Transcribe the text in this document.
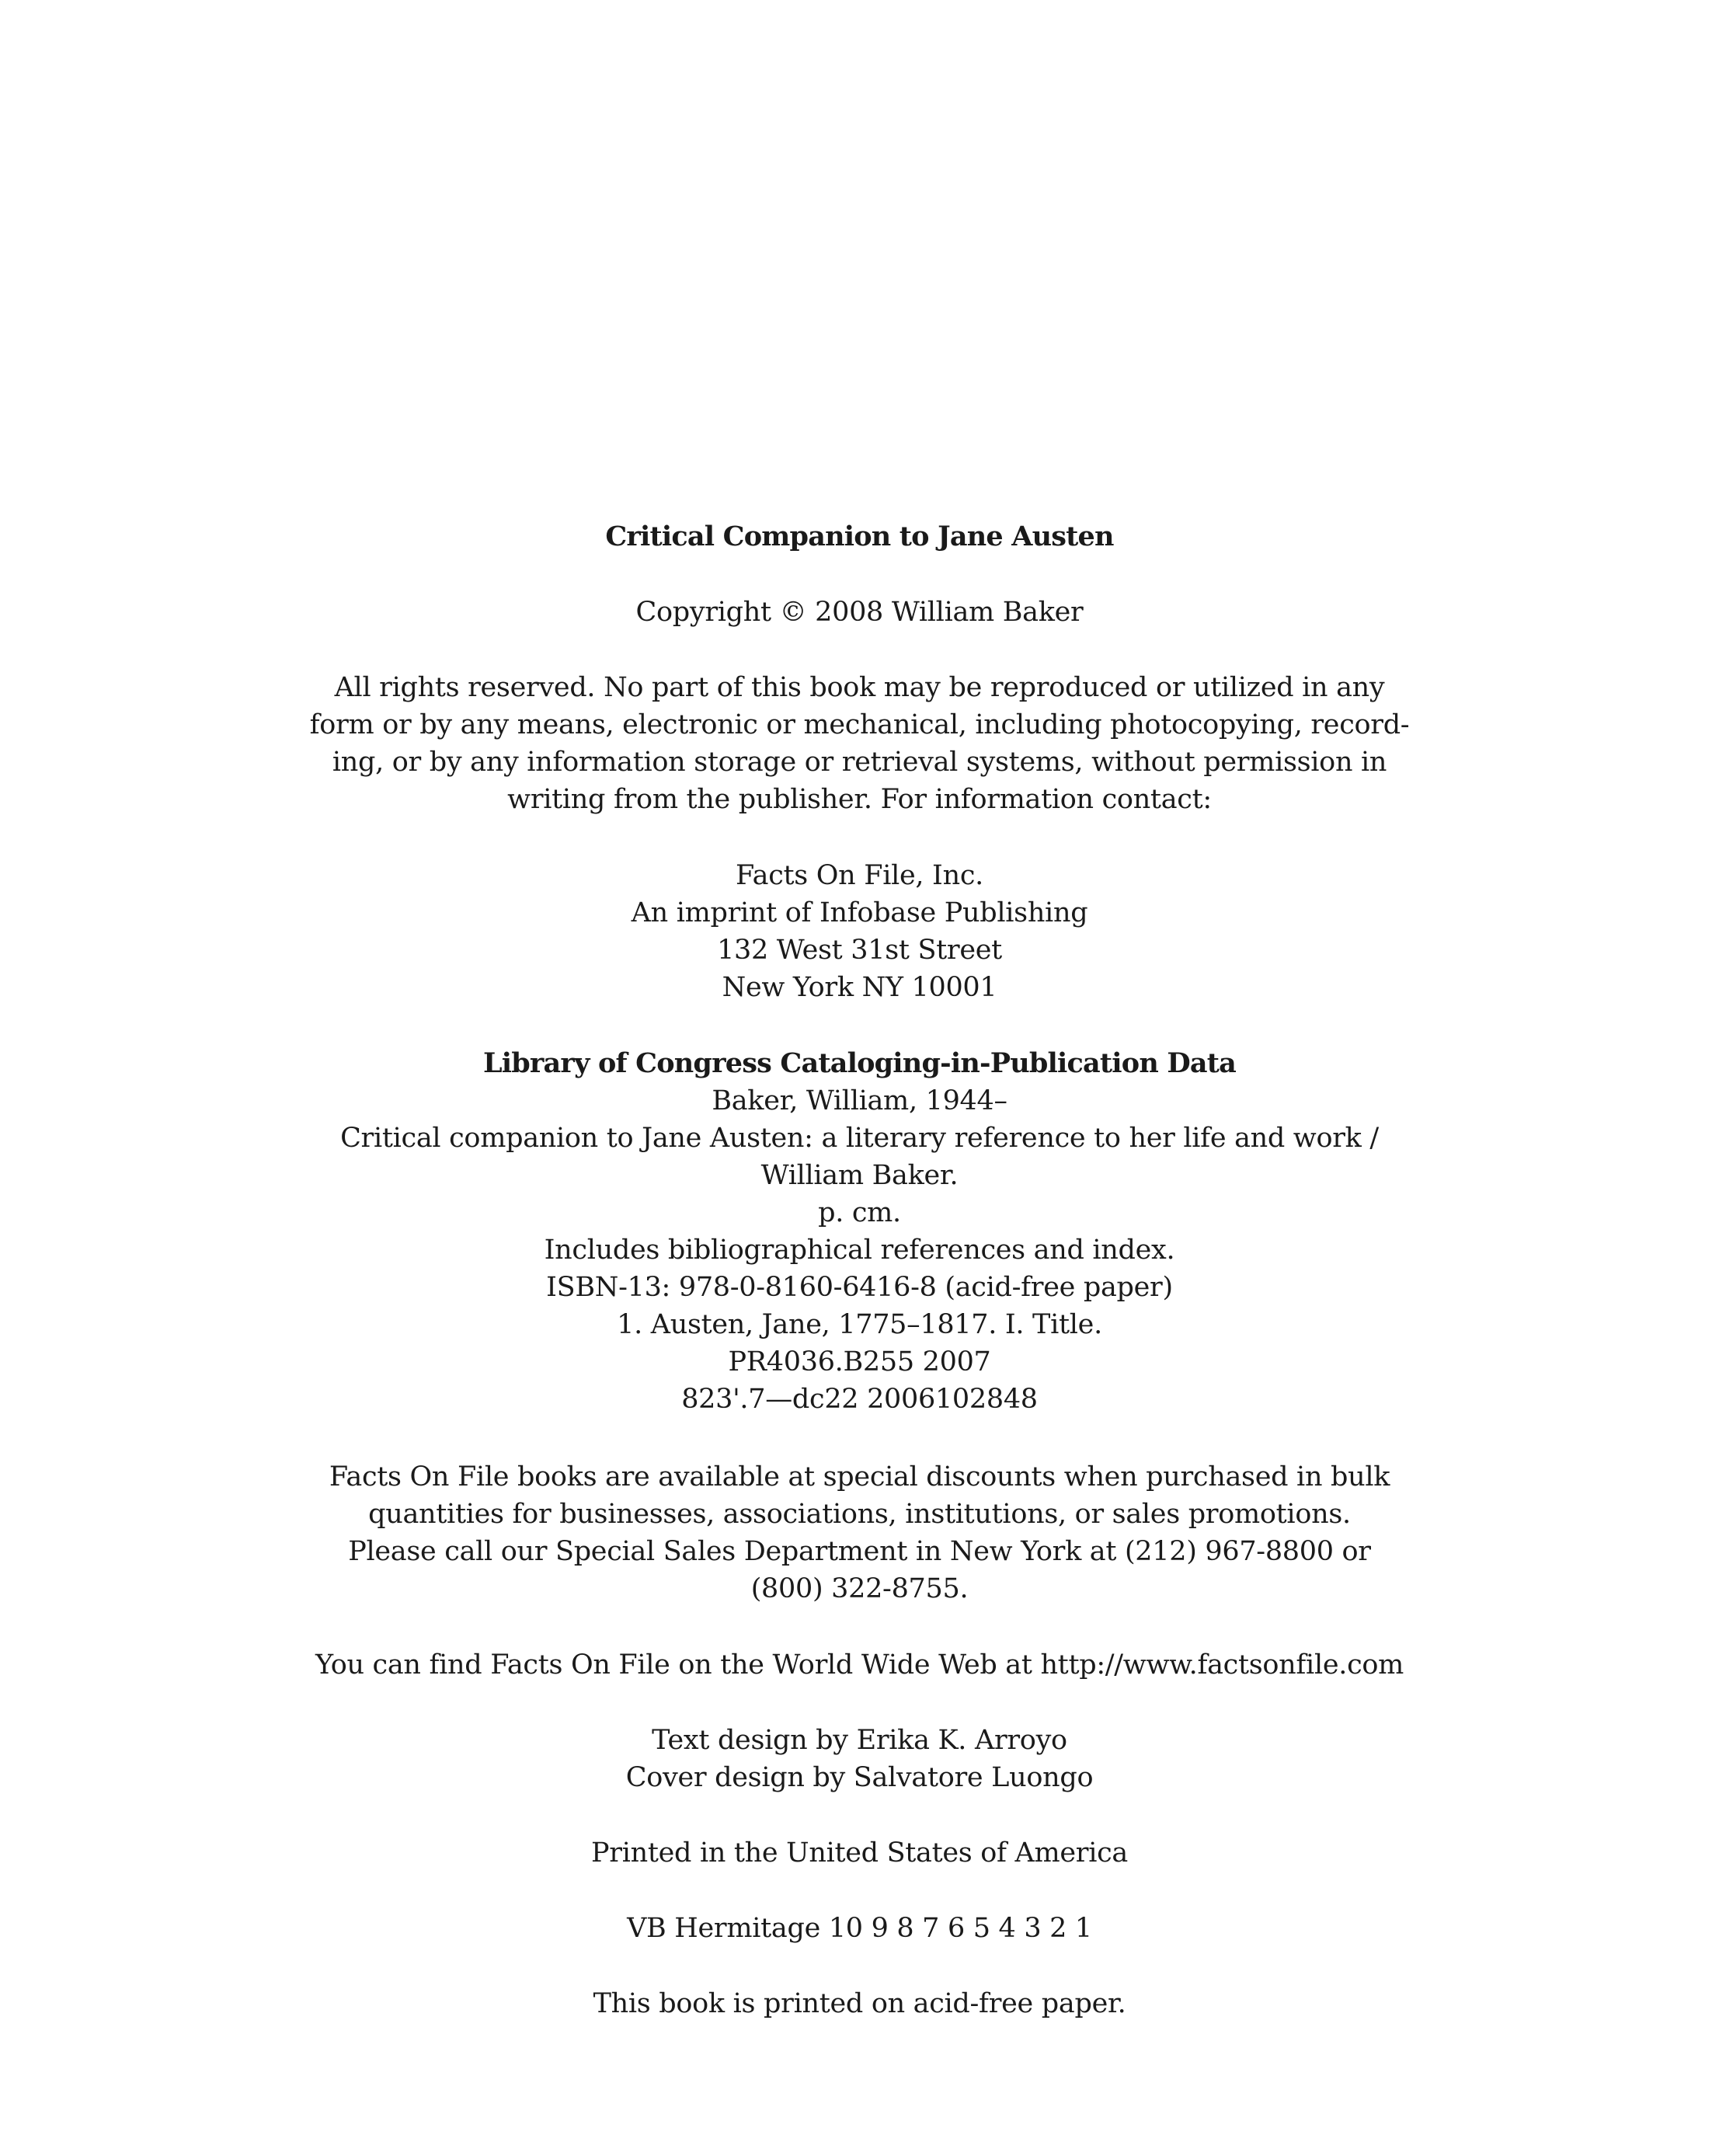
Critical Companion to Jane Austen
Copyright © 2008 William Baker
All rights reserved. No part of this book may be reproduced or utilized in any
form or by any means, electronic or mechanical, including photocopying, record-
ing, or by any information storage or retrieval systems, without permission in
writing from the publisher. For information contact:
Facts On File, Inc.
An imprint of Infobase Publishing
132 West 31st Street
New York NY 10001
Library of Congress Cataloging-in-Publication Data
Baker, William, 1944–
Critical companion to Jane Austen: a literary reference to her life and work /
William Baker.
p. cm.
Includes bibliographical references and index.
ISBN-13: 978-0-8160-6416-8 (acid-free paper)
1. Austen, Jane, 1775–1817. I. Title.
PR4036.B255 2007
823'.7—dc22 2006102848
Facts On File books are available at special discounts when purchased in bulk
quantities for businesses, associations, institutions, or sales promotions.
Please call our Special Sales Department in New York at (212) 967-8800 or
(800) 322-8755.
You can find Facts On File on the World Wide Web at http://www.factsonfile.com
Text design by Erika K. Arroyo
Cover design by Salvatore Luongo
Printed in the United States of America
VB Hermitage 10 9 8 7 6 5 4 3 2 1
This book is printed on acid-free paper.
